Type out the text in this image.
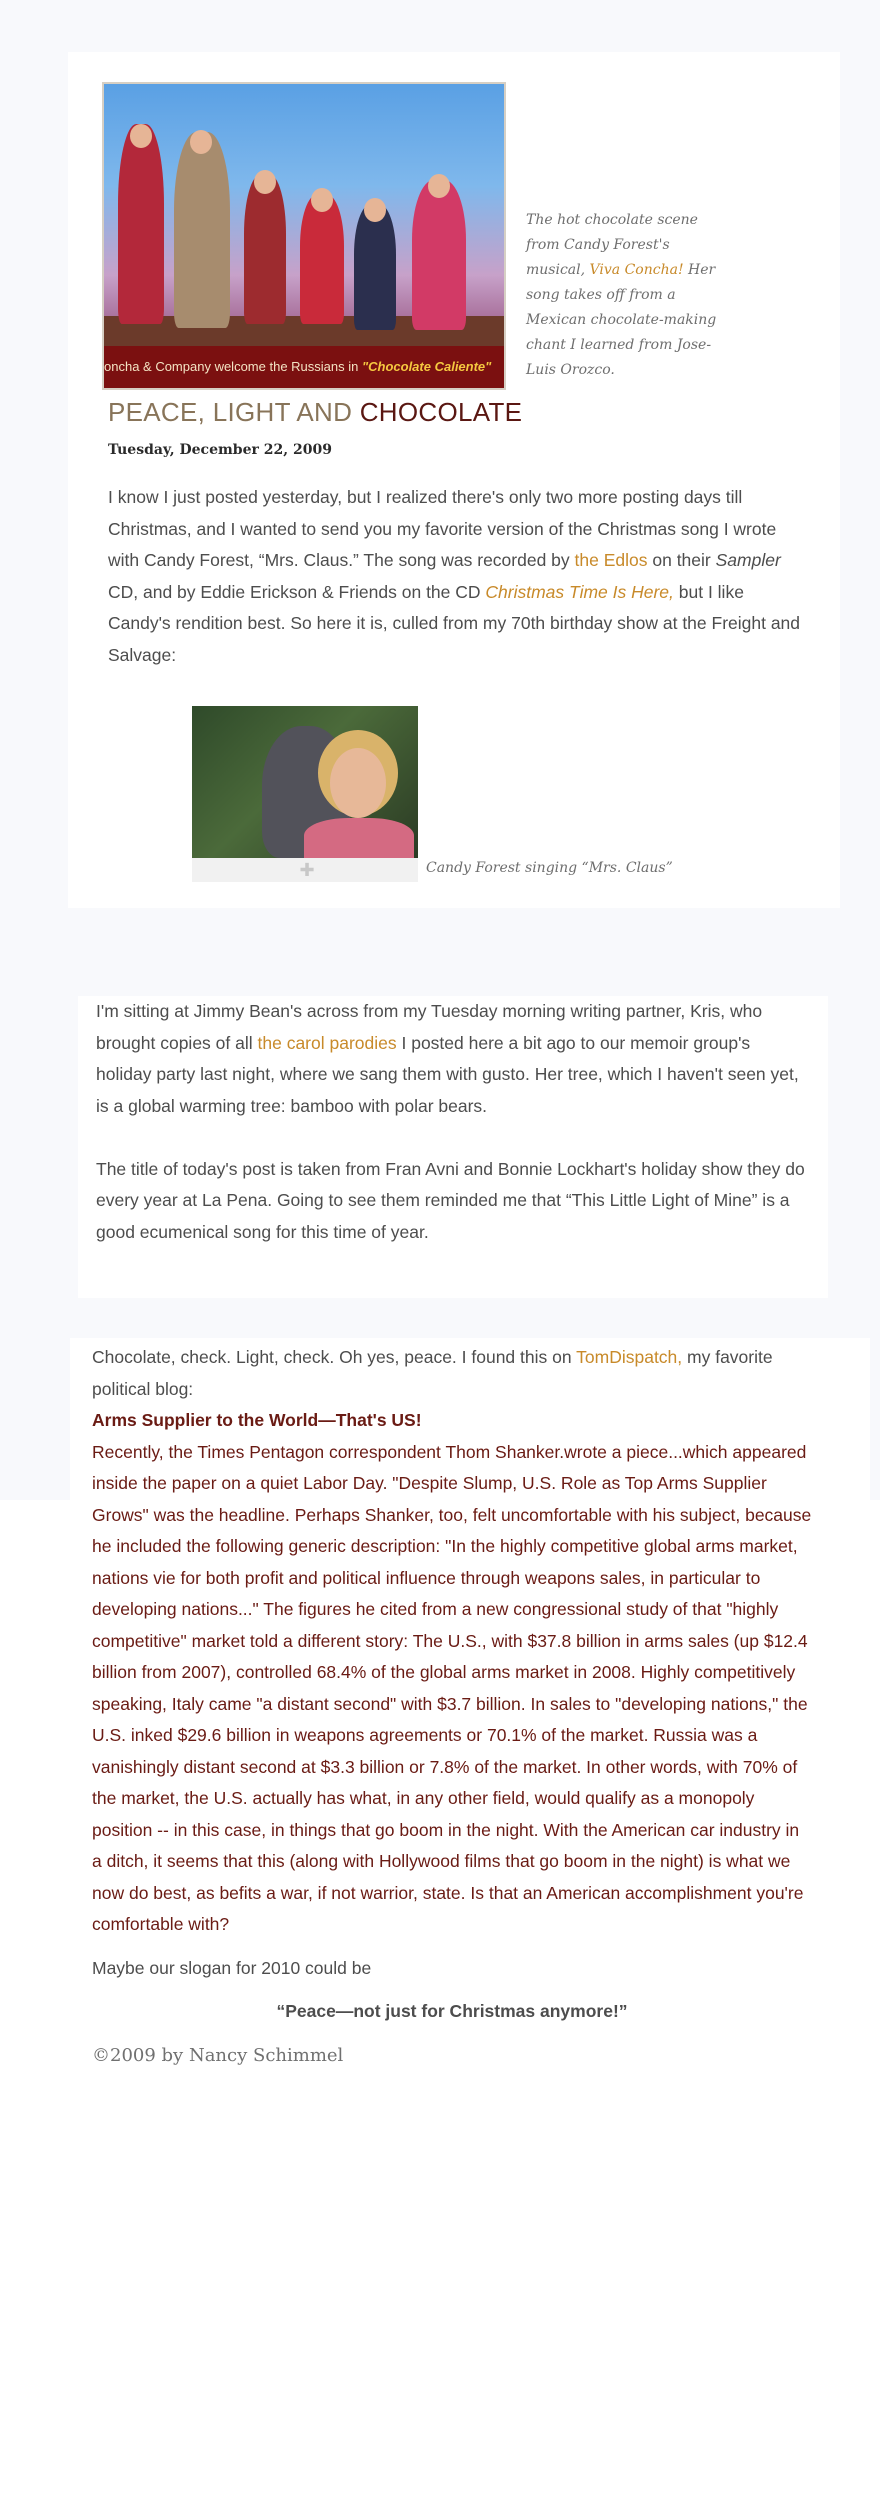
oncha & Company welcome the Russians in "Chocolate Caliente"
The hot chocolate scene from Candy Forest's musical, Viva Concha! Her song takes off from a Mexican chocolate-making chant I learned from Jose-Luis Orozco.
PEACE, LIGHT AND CHOCOLATE
Tuesday, December 22, 2009
I know I just posted yesterday, but I realized there's only two more posting days till Christmas, and I wanted to send you my favorite version of the Christmas song I wrote with Candy Forest, “Mrs. Claus.” The song was recorded by the Edlos on their Sampler CD, and by Eddie Erickson & Friends on the CD Christmas Time Is Here, but I like Candy's rendition best. So here it is, culled from my 70th birthday show at the Freight and Salvage:
✚	Candy Forest singing “Mrs. Claus”

I'm sitting at Jimmy Bean's across from my Tuesday morning writing partner, Kris, who brought copies of all the carol parodies I posted here a bit ago to our memoir group's holiday party last night, where we sang them with gusto. Her tree, which I haven't seen yet, is a global warming tree: bamboo with polar bears.

The title of today's post is taken from Fran Avni and Bonnie Lockhart's holiday show they do every year at La Pena. Going to see them reminded me that “This Little Light of Mine” is a good ecumenical song for this time of year.

Chocolate, check. Light, check. Oh yes, peace. I found this on TomDispatch, my favorite political blog:

Arms Supplier to the World—That's US!

Recently, the Times Pentagon correspondent Thom Shanker.wrote a piece...which appeared inside the paper on a quiet Labor Day. "Despite Slump, U.S. Role as Top Arms Supplier Grows" was the headline. Perhaps Shanker, too, felt uncomfortable with his subject, because he included the following generic description: "In the highly competitive global arms market, nations vie for both profit and political influence through weapons sales, in particular to developing nations..." The figures he cited from a new congressional study of that "highly competitive" market told a different story: The U.S., with $37.8 billion in arms sales (up $12.4 billion from 2007), controlled 68.4% of the global arms market in 2008. Highly competitively speaking, Italy came "a distant second" with $3.7 billion. In sales to "developing nations," the U.S. inked $29.6 billion in weapons agreements or 70.1% of the market. Russia was a vanishingly distant second at $3.3 billion or 7.8% of the market. In other words, with 70% of the market, the U.S. actually has what, in any other field, would qualify as a monopoly position -- in this case, in things that go boom in the night. With the American car industry in a ditch, it seems that this (along with Hollywood films that go boom in the night) is what we now do best, as befits a war, if not warrior, state. Is that an American accomplishment you're comfortable with?

Maybe our slogan for 2010 could be

“Peace—not just for Christmas anymore!”

©2009 by Nancy Schimmel
